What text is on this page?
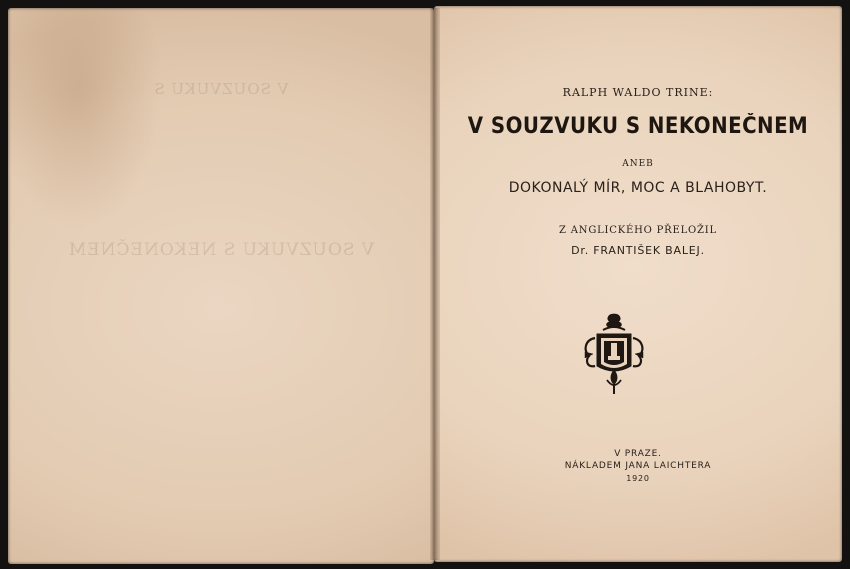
V SOUZVUKU S
V SOUZVUKU S NEKONEČNEM
RALPH WALDO TRINE:
V SOUZVUKU S NEKONEČNEM
ANEB
DOKONALÝ MÍR, MOC A BLAHOBYT.
Z ANGLICKÉHO PŘELOŽIL
Dr. FRANTIŠEK BALEJ.
V PRAZE.
NÁKLADEM JANA LAICHTERA
1920
